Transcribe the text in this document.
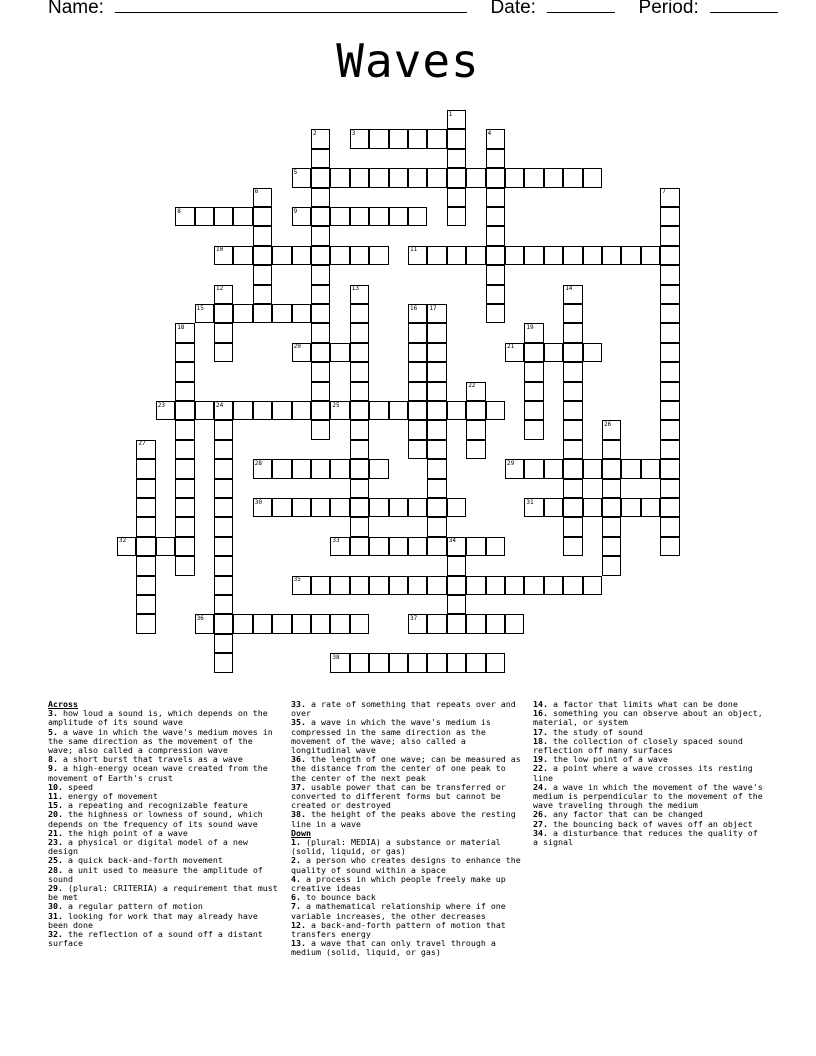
Name:	Date:	Period:
Waves
1
2	3	4
5
6	7
8	9
10	11
12	13	14
15	16 17
18	19
20	21
22
23	24	25
26
27
28	29
30	31
32	33	34
35
36	37
38
Across
3. how loud a sound is, which depends on the amplitude of its sound wave
5. a wave in which the wave's medium moves in the same direction as the movement of the wave; also called a compression wave
8. a short burst that travels as a wave
9. a high-energy ocean wave created from the movement of Earth's crust
10. speed
11. energy of movement
15. a repeating and recognizable feature
20. the highness or lowness of sound, which depends on the frequency of its sound wave
21. the high point of a wave
23. a physical or digital model of a new design
25. a quick back-and-forth movement
28. a unit used to measure the amplitude of sound
29. (plural: CRITERIA) a requirement that must be met
30. a regular pattern of motion
31. looking for work that may already have been done
32. the reflection of a sound off a distant surface
33. a rate of something that repeats over and over
35. a wave in which the wave's medium is compressed in the same direction as the movement of the wave; also called a longitudinal wave
36. the length of one wave; can be measured as the distance from the center of one peak to the center of the next peak
37. usable power that can be transferred or converted to different forms but cannot be created or destroyed
38. the height of the peaks above the resting line in a wave
Down
1. (plural: MEDIA) a substance or material (solid, liquid, or gas)
2. a person who creates designs to enhance the quality of sound within a space
4. a process in which people freely make up creative ideas
6. to bounce back
7. a mathematical relationship where if one variable increases, the other decreases
12. a back-and-forth pattern of motion that transfers energy
13. a wave that can only travel through a medium (solid, liquid, or gas)
14. a factor that limits what can be done
16. something you can observe about an object, material, or system
17. the study of sound
18. the collection of closely spaced sound reflection off many surfaces
19. the low point of a wave
22. a point where a wave crosses its resting line
24. a wave in which the movement of the wave's medium is perpendicular to the movement of the wave traveling through the medium
26. any factor that can be changed
27. the bouncing back of waves off an object
34. a disturbance that reduces the quality of a signal
